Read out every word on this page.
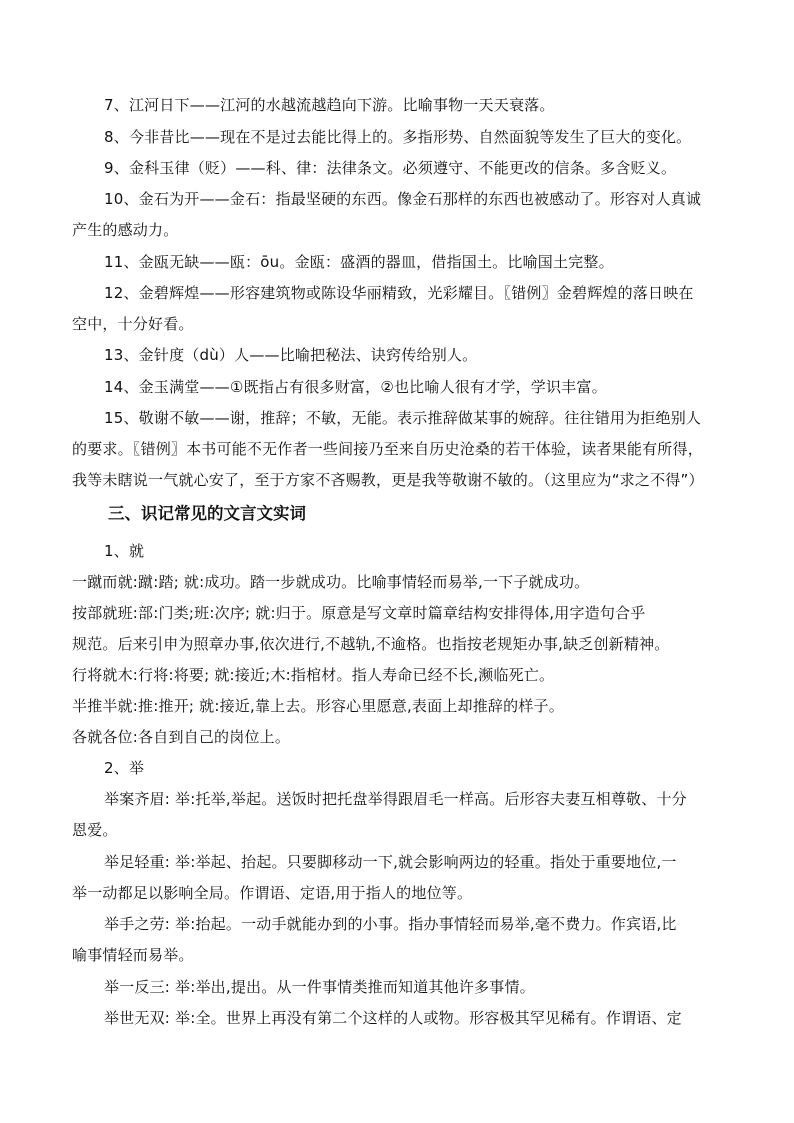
7、江河日下——江河的水越流越趋向下游。比喻事物一天天衰落。
8、今非昔比——现在不是过去能比得上的。多指形势、自然面貌等发生了巨大的变化。
9、金科玉律（贬）——科、律：法律条文。必须遵守、不能更改的信条。多含贬义。
10、金石为开——金石：指最坚硬的东西。像金石那样的东西也被感动了。形容对人真诚
产生的感动力。
11、金瓯无缺——瓯：ōu。金瓯：盛酒的器皿，借指国土。比喻国土完整。
12、金碧辉煌——形容建筑物或陈设华丽精致，光彩耀目。〖错例〗金碧辉煌的落日映在
空中，十分好看。
13、金针度（dù）人——比喻把秘法、诀窍传给别人。
14、金玉满堂——①既指占有很多财富，②也比喻人很有才学，学识丰富。
15、敬谢不敏——谢，推辞；不敏，无能。表示推辞做某事的婉辞。往往错用为拒绝别人
的要求。〖错例〗本书可能不无作者一些间接乃至来自历史沧桑的若干体验，读者果能有所得，
我等未瞎说一气就心安了，至于方家不吝赐教，更是我等敬谢不敏的。（这里应为“求之不得”）
三、识记常见的文言文实词
1、就
一蹴而就:蹴:踏; 就:成功。踏一步就成功。比喻事情轻而易举,一下子就成功。
按部就班:部:门类;班:次序; 就:归于。原意是写文章时篇章结构安排得体,用字造句合乎
规范。后来引申为照章办事,依次进行,不越轨,不逾格。也指按老规矩办事,缺乏创新精神。
行将就木:行将:将要; 就:接近;木:指棺材。指人寿命已经不长,濒临死亡。
半推半就:推:推开; 就:接近,靠上去。形容心里愿意,表面上却推辞的样子。
各就各位:各自到自己的岗位上。
2、举
举案齐眉: 举:托举,举起。送饭时把托盘举得跟眉毛一样高。后形容夫妻互相尊敬、十分
恩爱。
举足轻重: 举:举起、抬起。只要脚移动一下,就会影响两边的轻重。指处于重要地位,一
举一动都足以影响全局。作谓语、定语,用于指人的地位等。
举手之劳: 举:抬起。一动手就能办到的小事。指办事情轻而易举,毫不费力。作宾语,比
喻事情轻而易举。
举一反三: 举:举出,提出。从一件事情类推而知道其他许多事情。
举世无双: 举:全。世界上再没有第二个这样的人或物。形容极其罕见稀有。作谓语、定
